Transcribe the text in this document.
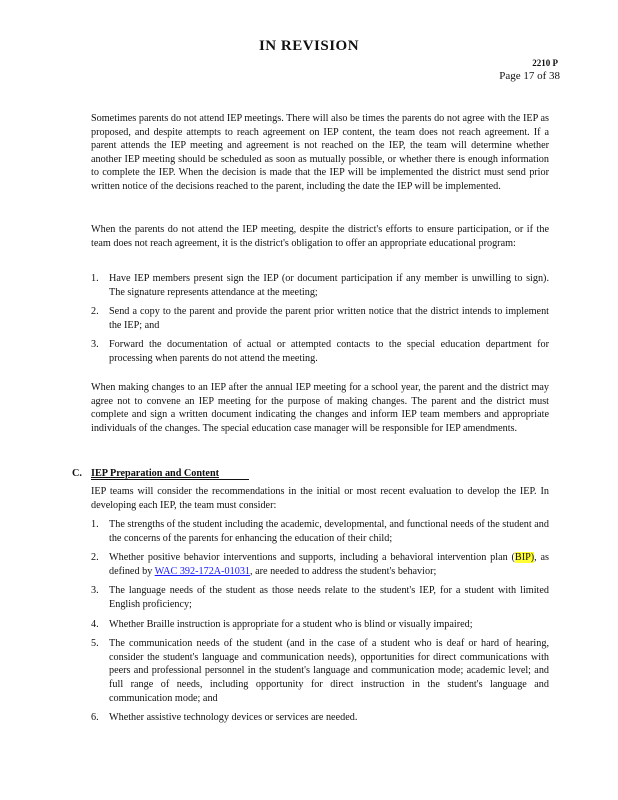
IN REVISION
2210 P
Page 17 of 38

Sometimes parents do not attend IEP meetings. There will also be times the parents do not agree with the IEP as proposed, and despite attempts to reach agreement on IEP content, the team does not reach agreement. If a parent attends the IEP meeting and agreement is not reached on the IEP, the team will determine whether another IEP meeting should be scheduled as soon as mutually possible, or whether there is enough information to complete the IEP. When the decision is made that the IEP will be implemented the district must send prior written notice of the decisions reached to the parent, including the date the IEP will be implemented.

When the parents do not attend the IEP meeting, despite the district's efforts to ensure participation, or if the team does not reach agreement, it is the district's obligation to offer an appropriate educational program:

1. Have IEP members present sign the IEP (or document participation if any member is unwilling to sign). The signature represents attendance at the meeting;
2. Send a copy to the parent and provide the parent prior written notice that the district intends to implement the IEP; and
3. Forward the documentation of actual or attempted contacts to the special education department for processing when parents do not attend the meeting.

When making changes to an IEP after the annual IEP meeting for a school year, the parent and the district may agree not to convene an IEP meeting for the purpose of making changes. The parent and the district must complete and sign a written document indicating the changes and inform IEP team members and appropriate individuals of the changes. The special education case manager will be responsible for IEP amendments.

C. IEP Preparation and Content

IEP teams will consider the recommendations in the initial or most recent evaluation to develop the IEP. In developing each IEP, the team must consider:

1. The strengths of the student including the academic, developmental, and functional needs of the student and the concerns of the parents for enhancing the education of their child;
2. Whether positive behavior interventions and supports, including a behavioral intervention plan (BIP), as defined by WAC 392-172A-01031, are needed to address the student's behavior;
3. The language needs of the student as those needs relate to the student's IEP, for a student with limited English proficiency;
4. Whether Braille instruction is appropriate for a student who is blind or visually impaired;
5. The communication needs of the student (and in the case of a student who is deaf or hard of hearing, consider the student's language and communication needs), opportunities for direct communications with peers and professional personnel in the student's language and communication mode; academic level; and full range of needs, including opportunity for direct instruction in the student's language and communication mode; and
6. Whether assistive technology devices or services are needed.
